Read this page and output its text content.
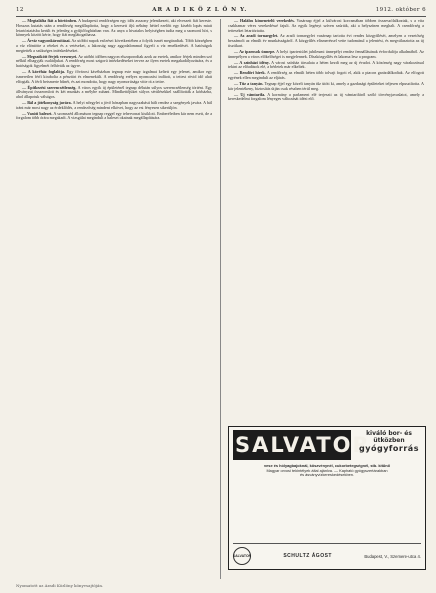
12	AR A D I K Ö Z L Ö N Y.	1912. október 6

— Megtalálta fiát a börtönben. A budapesti rendőrségen egy idős asszony jelentkezett, aki elveszett fiát kereste. Hosszas kutatás után a rendőrség megállapította, hogy a keresett ifjú néhány héttel ezelőtt egy kisebb lopás miatt letartóztatásba került és jelenleg a gyűjtőfogházban van. Az anya a hivatalos helyiségben tudta meg a szomorú hírt, s könnyek között kérte, hogy fiát meglátogathassa.

— Árvíz vagyonkárosításai. Az utóbbi napok esőzései következtében a folyók ismét megáradtak. Több községben a víz elöntötte a réteket és a vetéseket, a lakosság nagy aggodalommal figyeli a víz emelkedését. A hatóságok megtették a szükséges intézkedéseket.

— Megszökött férjek versenyei. Az utóbbi időben nagyon elszaporodtak azok az esetek, amikor férjek minden szó nélkül elhagyják családjukat. A rendőrség most szigorú intézkedéseket tervez az ilyen esetek megakadályozására, és a hatóságok figyelmét felhívták az ügyre.

— A kávéház foglalója. Egy fővárosi kávéházban tegnap este nagy izgalmat keltett egy jelenet, amikor egy ismeretlen férfi kirabolta a pénztárt és elmenekült. A rendőrség erélyes nyomozást indított, a tettest rövid idő alatt elfogták. A férfi beismerte bűnét, és azt mondotta, hogy nagy nyomorúsága vitte rá a tettre.

— Építkezési szerencsétlenség. A város egyik új épületénél tegnap délután súlyos szerencsétlenség történt. Egy állványzat összeomlott és két munkás a mélybe zuhant. Mindkettőjüket súlyos sérülésekkel szállították a kórházba, ahol állapotuk válságos.

— Bál a jótékonyság javára. A helyi nőegylet a jövő hónapban nagyszabású bált rendez a szegények javára. A bál iránt már most nagy az érdeklődés, a rendezőség mindent elkövet, hogy az est fényesen sikerüljön.

— Vasúti baleset. A szomszéd állomáson tegnap reggel egy tehervonat kisiklott. Emberéletben kár nem esett, de a forgalom több órára megakadt. A vizsgálat megindult a baleset okainak megállapítására.

— Halálos kimenetelű verekedés. Vasárnap éjjel a külvárosi korcsmában többen összeszólalkoztak, s a vita csakhamar véres verekedéssé fajult. Az egyik legényt szíven szúrták, aki a helyszínen meghalt. A csendőrség a tetteseket letartóztatta.

— Az aradi tornaegylet. Az aradi tornaegylet vasárnap tartotta évi rendes közgyűlését, amelyen a vezetőség beszámolt az elmúlt év munkásságáról. A közgyűlés elismeréssel vette tudomásul a jelentést, és megválasztotta az új tisztikart.

— Az iparosok ünnepe. A helyi ipartestület jubileumi ünnepélyt rendez fennállásának évfordulója alkalmából. Az ünnepélyen a város előkelőségei is megjelennek. Díszközgyűlés és lakoma lesz a program.

— A színházi idény. A városi színház társulata a héten kezdi meg az új évadot. A közönség nagy várakozással tekint az előadások elé, a bérletek már elkeltek.

— Rendőri hírek. A rendőrség az elmúlt héten több tolvajt fogott el, akik a piacon garázdálkodtak. Az elfogott egyének ellen megindult az eljárás.

— Tűz a tanyán. Tegnap éjjel egy közeli tanyán tűz ütött ki, amely a gazdasági épületeket teljesen elpusztította. A kár jelentékeny, biztosítás útján csak részben térül meg.

— Uj vámtarifa. A kormány a parlament elé terjeszti az új vámtarifáról szóló törvényjavaslatot, amely a kereskedelmi forgalom lényeges változását idézi elő.

SALVATOR
kiváló bor- és
ütközben
gyógyforrás
vese és hólyagbajoknál, köszvénynél, cukorbetegségnél, stb. kitűnő
Magyar orvosi tekintélyek által ajánlva. — Kapható gyógyszertárakban
és ásványvízkereskedésekben.
SALVATOR	SCHULTZ ÁGOST	Budapest, V., Szemere-utca 4.
Nyomatott az Aradi Közlöny könyvsajtóján.
